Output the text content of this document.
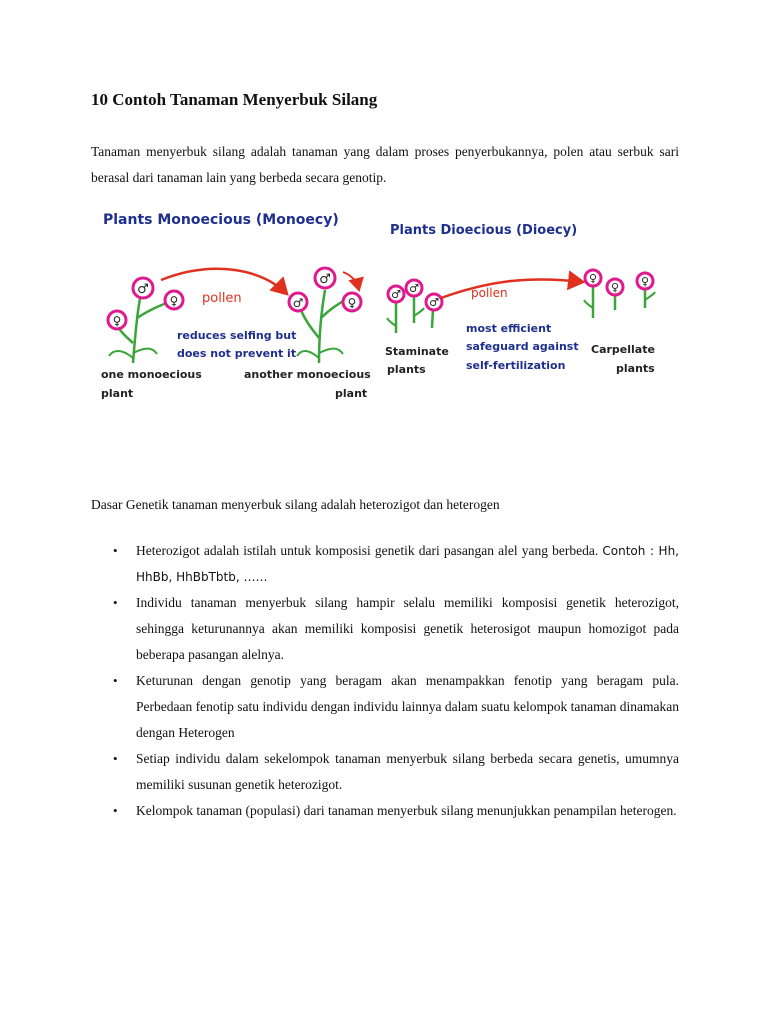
10 Contoh Tanaman Menyerbuk Silang

Tanaman menyerbuk silang adalah tanaman yang dalam proses penyerbukannya, polen atau serbuk sari berasal dari tanaman lain yang berbeda secara genotip.

Plants Monoecious (Monoecy)
Plants Dioecious (Dioecy)
♂
♀
♀
pollen
reduces selfing but
does not prevent it
♂
♂	♀
one monoecious
plant
another monoecious
plant
♂ ♂
♂
pollen
most efficient
safeguard against
self-fertilization
♀
♀ ♀
Staminate
plants
Carpellate
plants

Dasar Genetik tanaman menyerbuk silang adalah heterozigot dan heterogen

• Heterozigot adalah istilah untuk komposisi genetik dari pasangan alel yang berbeda. Contoh : Hh, HhBb, HhBbTbtb, ……
• Individu tanaman menyerbuk silang hampir selalu memiliki komposisi genetik heterozigot, sehingga keturunannya akan memiliki komposisi genetik heterosigot maupun homozigot pada beberapa pasangan alelnya.
• Keturunan dengan genotip yang beragam akan menampakkan fenotip yang beragam pula. Perbedaan fenotip satu individu dengan individu lainnya dalam suatu kelompok tanaman dinamakan dengan Heterogen
• Setiap individu dalam sekelompok tanaman menyerbuk silang berbeda secara genetis, umumnya memiliki susunan genetik heterozigot.
• Kelompok tanaman (populasi) dari tanaman menyerbuk silang menunjukkan penampilan heterogen.
